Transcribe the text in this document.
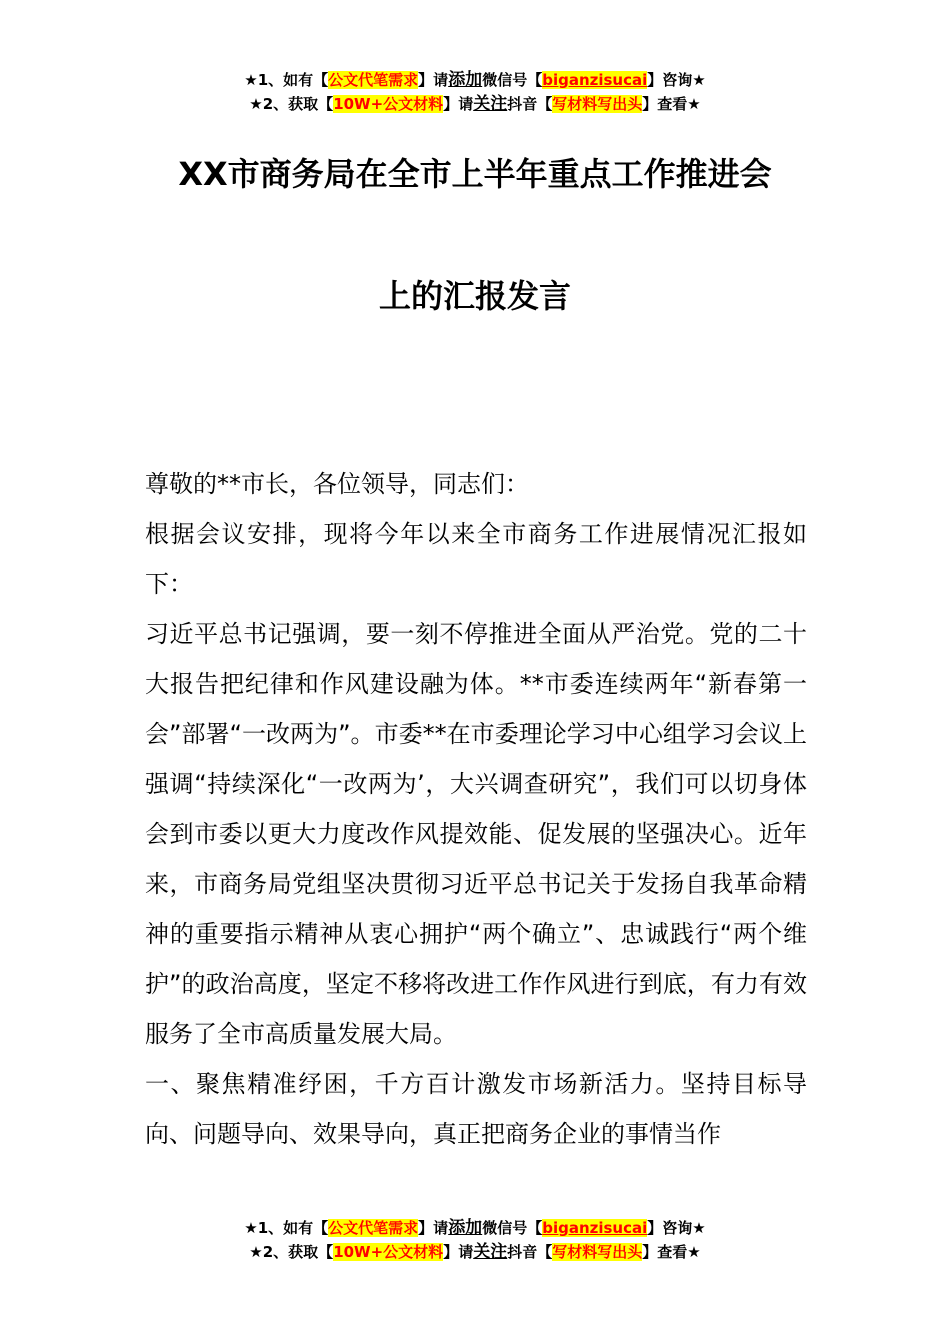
★1、如有【公文代笔需求】请添加微信号【biganzisucai】咨询★
★2、获取【10W+公文材料】请关注抖音【写材料写出头】查看★
XX市商务局在全市上半年重点工作推进会
上的汇报发言

尊敬的**市长，各位领导，同志们：

根据会议安排，现将今年以来全市商务工作进展情况汇报如下：

习近平总书记强调，要一刻不停推进全面从严治党。党的二十大报告把纪律和作风建设融为体。**市委连续两年“新春第一会”部署“一改两为”。市委**在市委理论学习中心组学习会议上强调“持续深化“一改两为’，大兴调查研究”，我们可以切身体会到市委以更大力度改作风提效能、促发展的坚强决心。近年来，市商务局党组坚决贯彻习近平总书记关于发扬自我革命精神的重要指示精神从衷心拥护“两个确立”、忠诚践行“两个维护”的政治高度，坚定不移将改进工作作风进行到底，有力有效服务了全市高质量发展大局。

一、聚焦精准纾困，千方百计激发市场新活力。坚持目标导向、问题导向、效果导向，真正把商务企业的事情当作

★1、如有【公文代笔需求】请添加微信号【biganzisucai】咨询★
★2、获取【10W+公文材料】请关注抖音【写材料写出头】查看★
